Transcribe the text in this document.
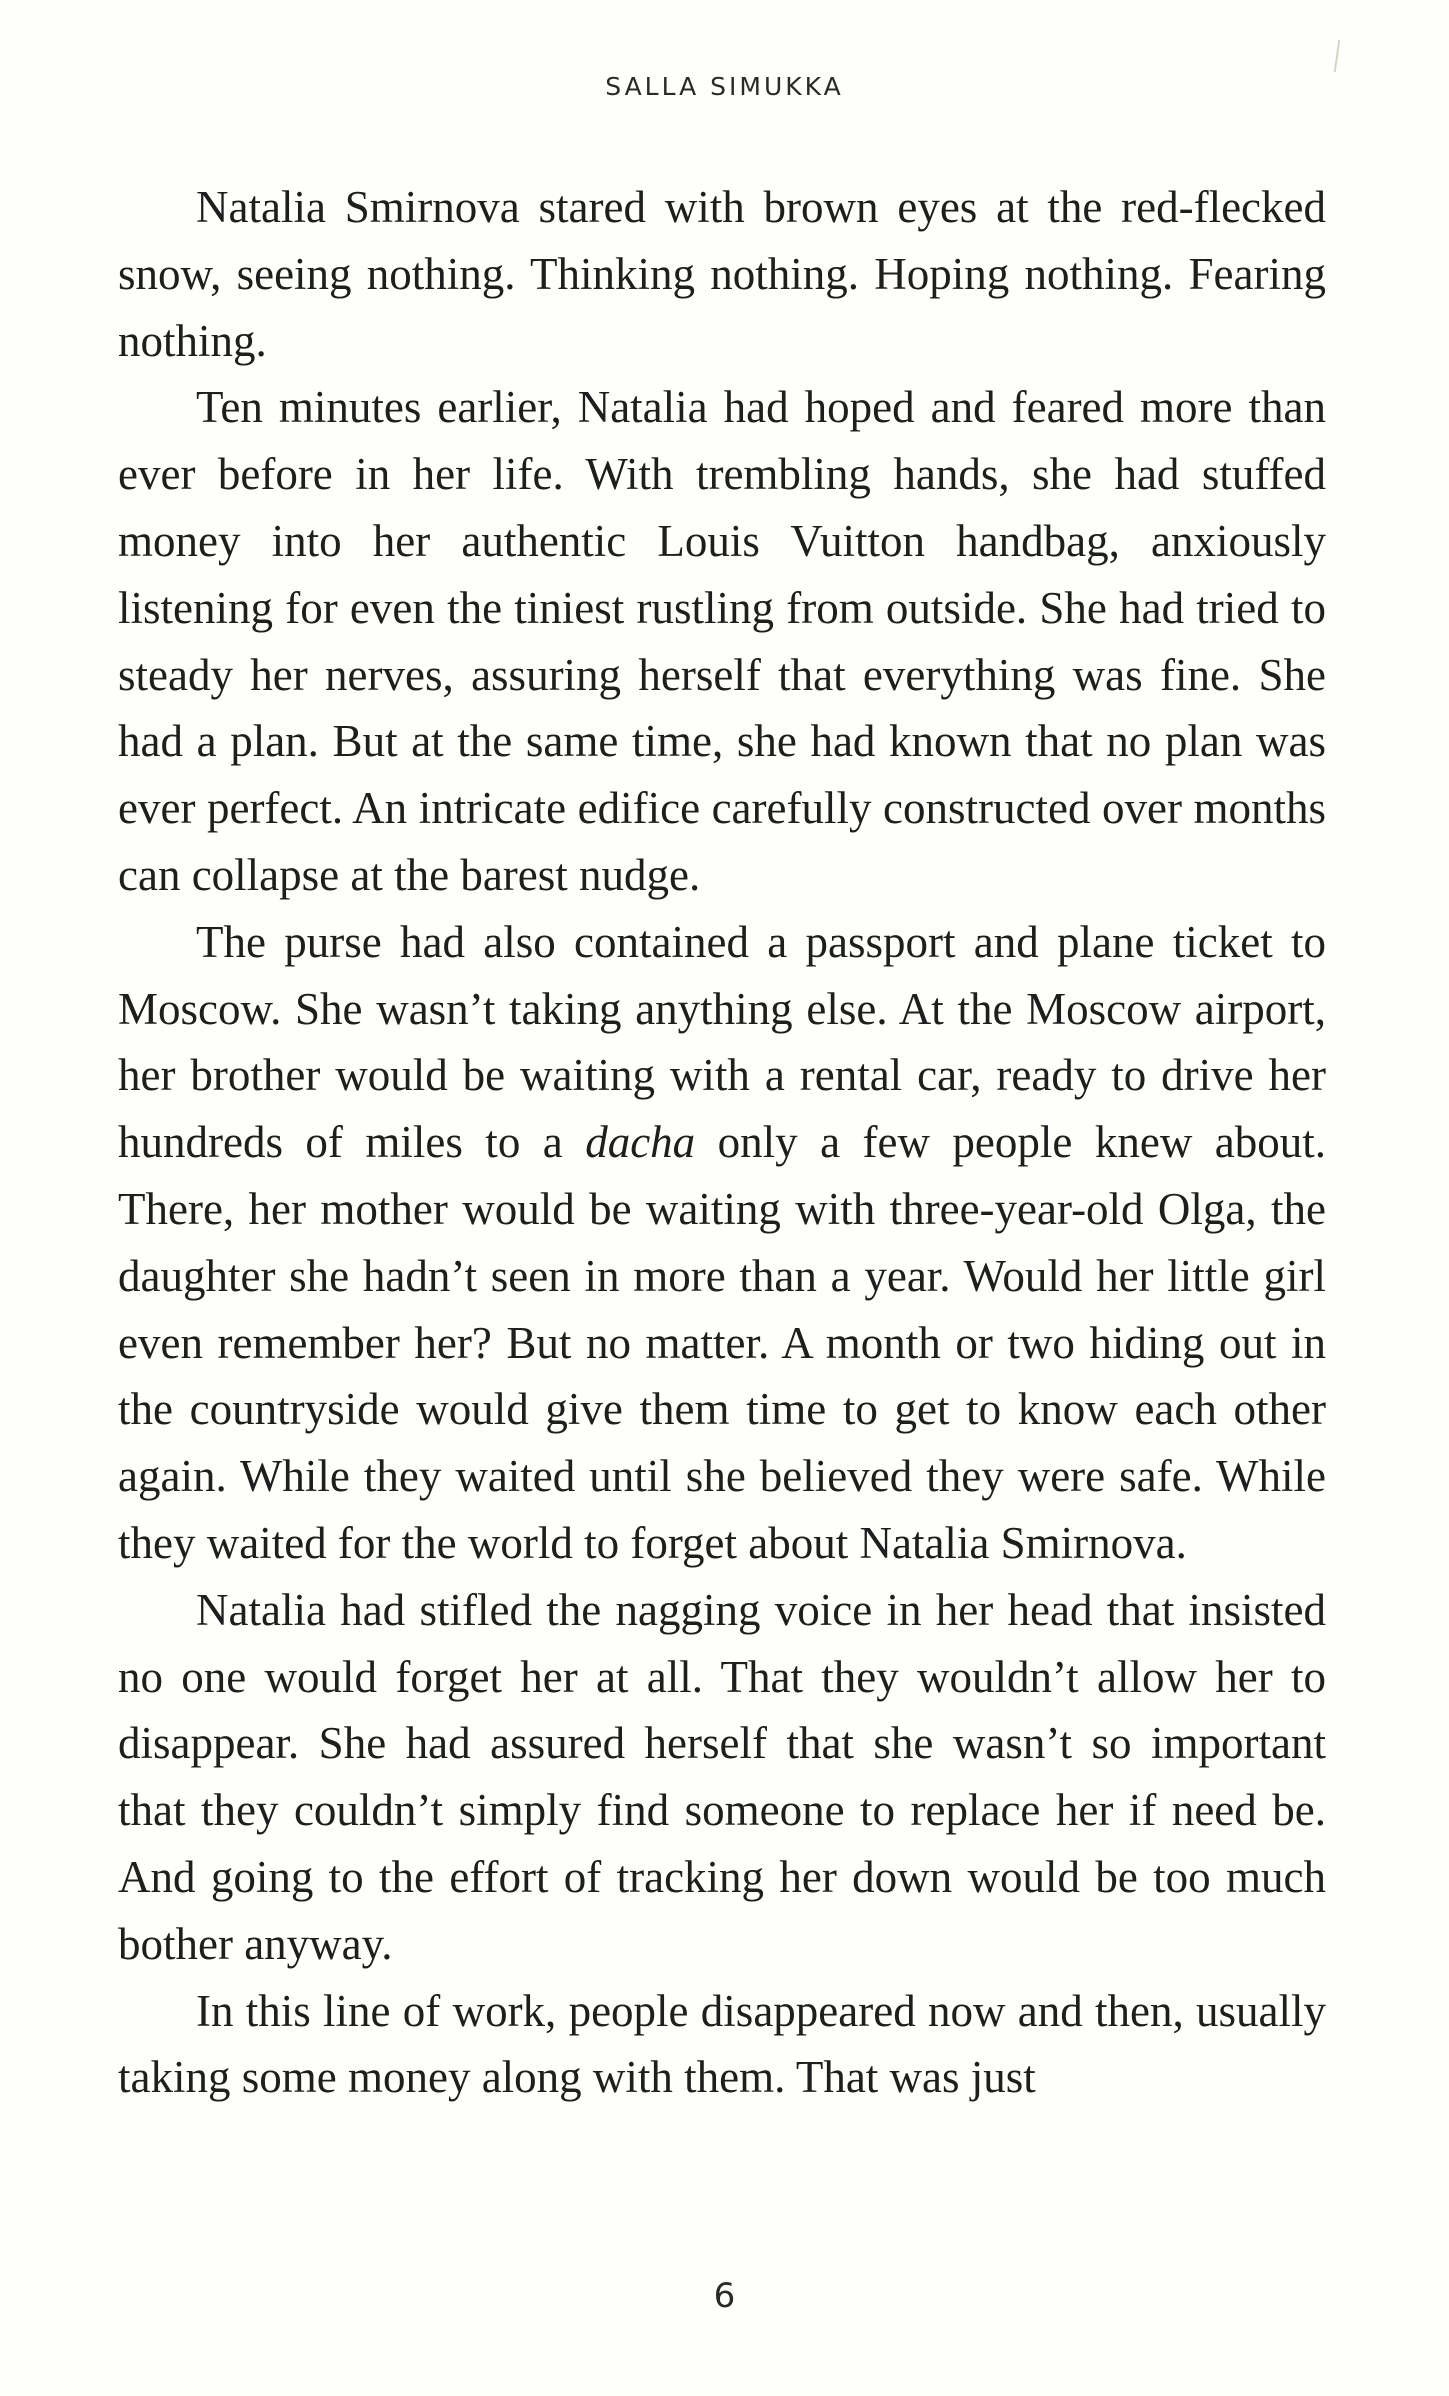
SALLA SIMUKKA

Natalia Smirnova stared with brown eyes at the red-flecked snow, seeing nothing. Thinking nothing. Hoping nothing. Fearing nothing.

Ten minutes earlier, Natalia had hoped and feared more than ever before in her life. With trembling hands, she had stuffed money into her authentic Louis Vuitton handbag, anxiously listening for even the tiniest rustling from outside. She had tried to steady her nerves, assuring herself that everything was fine. She had a plan. But at the same time, she had known that no plan was ever perfect. An intricate edifice carefully constructed over months can collapse at the barest nudge.

The purse had also contained a passport and plane ticket to Moscow. She wasn’t taking anything else. At the Moscow airport, her brother would be waiting with a rental car, ready to drive her hundreds of miles to a dacha only a few people knew about. There, her mother would be waiting with three-year-old Olga, the daughter she hadn’t seen in more than a year. Would her little girl even remember her? But no matter. A month or two hiding out in the countryside would give them time to get to know each other again. While they waited until she believed they were safe. While they waited for the world to forget about Natalia Smirnova.

Natalia had stifled the nagging voice in her head that insisted no one would forget her at all. That they wouldn’t allow her to disappear. She had assured herself that she wasn’t so important that they couldn’t simply find someone to replace her if need be. And going to the effort of tracking her down would be too much bother anyway.

In this line of work, people disappeared now and then, usually taking some money along with them. That was just

6
